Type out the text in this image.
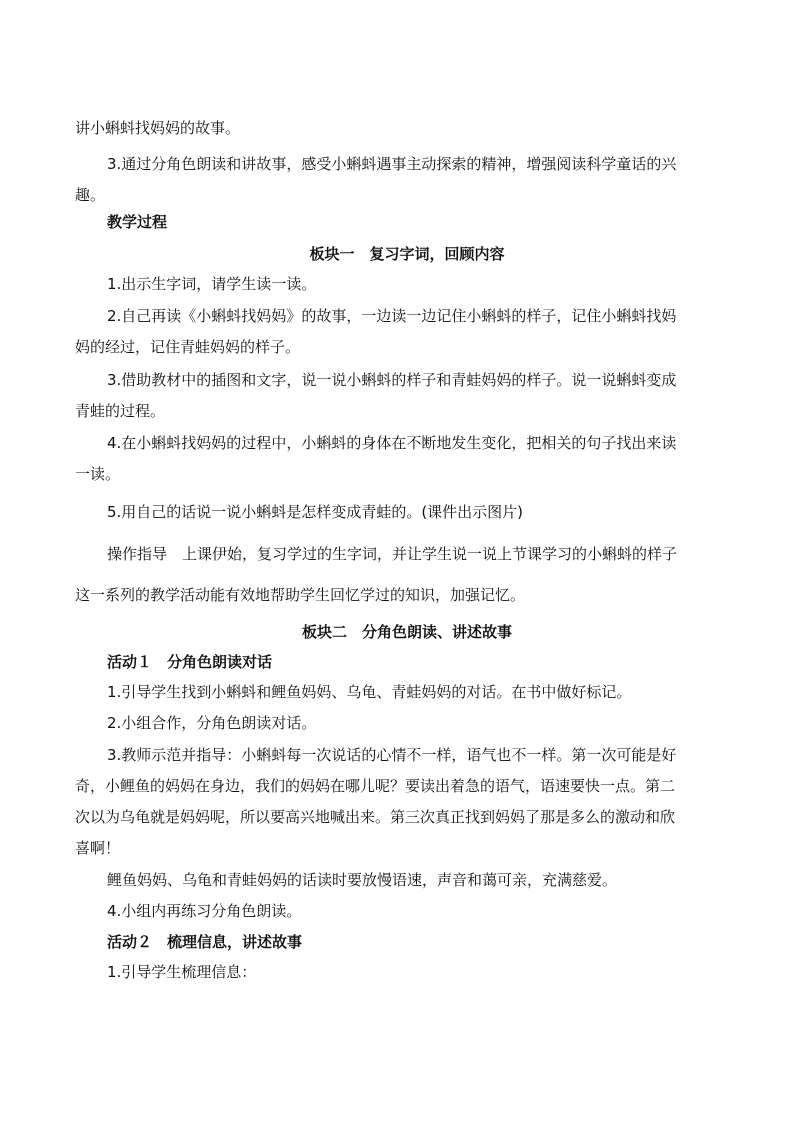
讲小蝌蚪找妈妈的故事。
3.通过分角色朗读和讲故事，感受小蝌蚪遇事主动探索的精神，增强阅读科学童话的兴
趣。
教学过程
板块一　复习字词，回顾内容
1.出示生字词，请学生读一读。
2.自己再读《小蝌蚪找妈妈》的故事，一边读一边记住小蝌蚪的样子，记住小蝌蚪找妈
妈的经过，记住青蛙妈妈的样子。
3.借助教材中的插图和文字，说一说小蝌蚪的样子和青蛙妈妈的样子。说一说蝌蚪变成
青蛙的过程。
4.在小蝌蚪找妈妈的过程中，小蝌蚪的身体在不断地发生变化，把相关的句子找出来读
一读。
5.用自己的话说一说小蝌蚪是怎样变成青蛙的。(课件出示图片)
操作指导　上课伊始，复习学过的生字词，并让学生说一说上节课学习的小蝌蚪的样子
这一系列的教学活动能有效地帮助学生回忆学过的知识，加强记忆。
板块二　分角色朗读、讲述故事
活动１　分角色朗读对话
1.引导学生找到小蝌蚪和鲤鱼妈妈、乌龟、青蛙妈妈的对话。在书中做好标记。
2.小组合作，分角色朗读对话。
3.教师示范并指导：小蝌蚪每一次说话的心情不一样，语气也不一样。第一次可能是好
奇，小鲤鱼的妈妈在身边，我们的妈妈在哪儿呢？要读出着急的语气，语速要快一点。第二
次以为乌龟就是妈妈呢，所以要高兴地喊出来。第三次真正找到妈妈了那是多么的激动和欣
喜啊！
鲤鱼妈妈、乌龟和青蛙妈妈的话读时要放慢语速，声音和蔼可亲，充满慈爱。
4.小组内再练习分角色朗读。
活动２　梳理信息，讲述故事
1.引导学生梳理信息：
